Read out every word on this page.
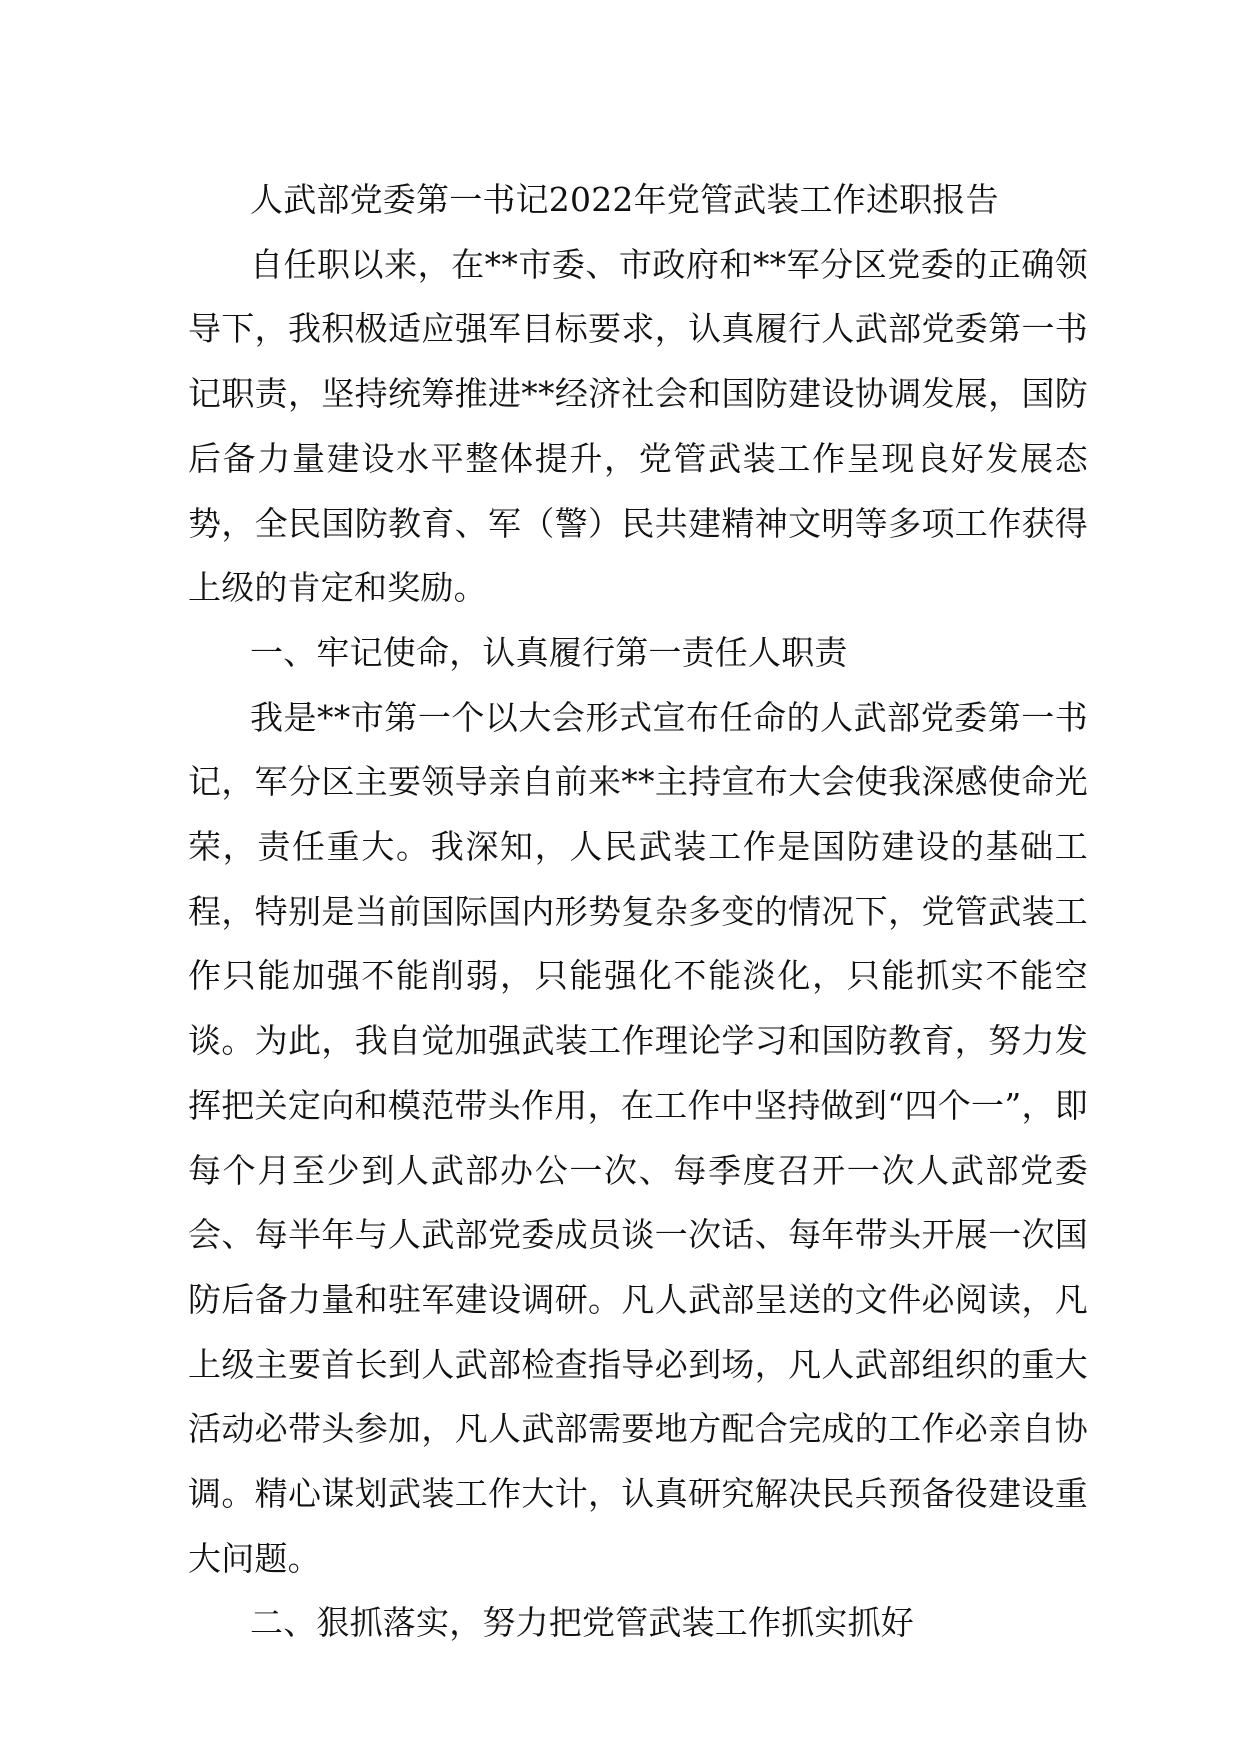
人武部党委第一书记2022年党管武装工作述职报告

自任职以来，在**市委、市政府和**军分区党委的正确领导下，我积极适应强军目标要求，认真履行人武部党委第一书记职责，坚持统筹推进**经济社会和国防建设协调发展，国防后备力量建设水平整体提升，党管武装工作呈现良好发展态势，全民国防教育、军（警）民共建精神文明等多项工作获得上级的肯定和奖励。

一、牢记使命，认真履行第一责任人职责

我是**市第一个以大会形式宣布任命的人武部党委第一书记，军分区主要领导亲自前来**主持宣布大会使我深感使命光荣，责任重大。我深知，人民武装工作是国防建设的基础工程，特别是当前国际国内形势复杂多变的情况下，党管武装工作只能加强不能削弱，只能强化不能淡化，只能抓实不能空谈。为此，我自觉加强武装工作理论学习和国防教育，努力发挥把关定向和模范带头作用，在工作中坚持做到“四个一”，即每个月至少到人武部办公一次、每季度召开一次人武部党委会、每半年与人武部党委成员谈一次话、每年带头开展一次国防后备力量和驻军建设调研。凡人武部呈送的文件必阅读，凡上级主要首长到人武部检查指导必到场，凡人武部组织的重大活动必带头参加，凡人武部需要地方配合完成的工作必亲自协调。精心谋划武装工作大计，认真研究解决民兵预备役建设重大问题。

二、狠抓落实，努力把党管武装工作抓实抓好
